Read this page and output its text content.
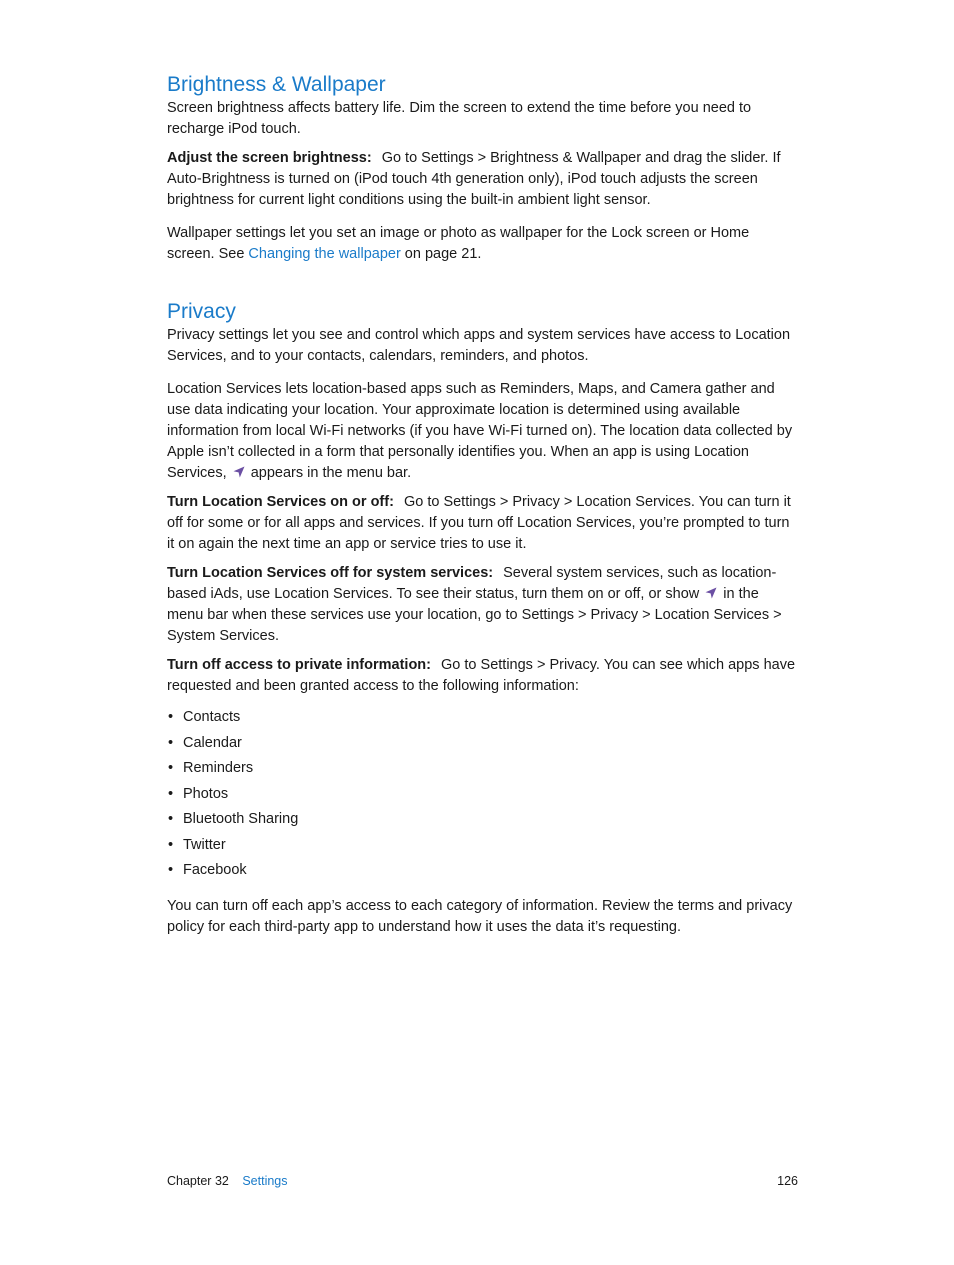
Brightness & Wallpaper

Screen brightness affects battery life. Dim the screen to extend the time before you need to recharge iPod touch.

Adjust the screen brightness: Go to Settings > Brightness & Wallpaper and drag the slider. If Auto-Brightness is turned on (iPod touch 4th generation only), iPod touch adjusts the screen brightness for current light conditions using the built-in ambient light sensor.

Wallpaper settings let you set an image or photo as wallpaper for the Lock screen or Home screen. See Changing the wallpaper on page 21.

Privacy

Privacy settings let you see and control which apps and system services have access to Location Services, and to your contacts, calendars, reminders, and photos.

Location Services lets location-based apps such as Reminders, Maps, and Camera gather and use data indicating your location. Your approximate location is determined using available information from local Wi-Fi networks (if you have Wi-Fi turned on). The location data collected by Apple isn’t collected in a form that personally identifies you. When an app is using Location Services,  appears in the menu bar.

Turn Location Services on or off: Go to Settings > Privacy > Location Services. You can turn it off for some or for all apps and services. If you turn off Location Services, you’re prompted to turn it on again the next time an app or service tries to use it.

Turn Location Services off for system services: Several system services, such as location-based iAds, use Location Services. To see their status, turn them on or off, or show  in the menu bar when these services use your location, go to Settings > Privacy > Location Services > System Services.

Turn off access to private information: Go to Settings > Privacy. You can see which apps have requested and been granted access to the following information:

• Contacts
• Calendar
• Reminders
• Photos
• Bluetooth Sharing
• Twitter
• Facebook

You can turn off each app’s access to each category of information. Review the terms and privacy policy for each third-party app to understand how it uses the data it’s requesting.

Chapter 32 Settings	126
